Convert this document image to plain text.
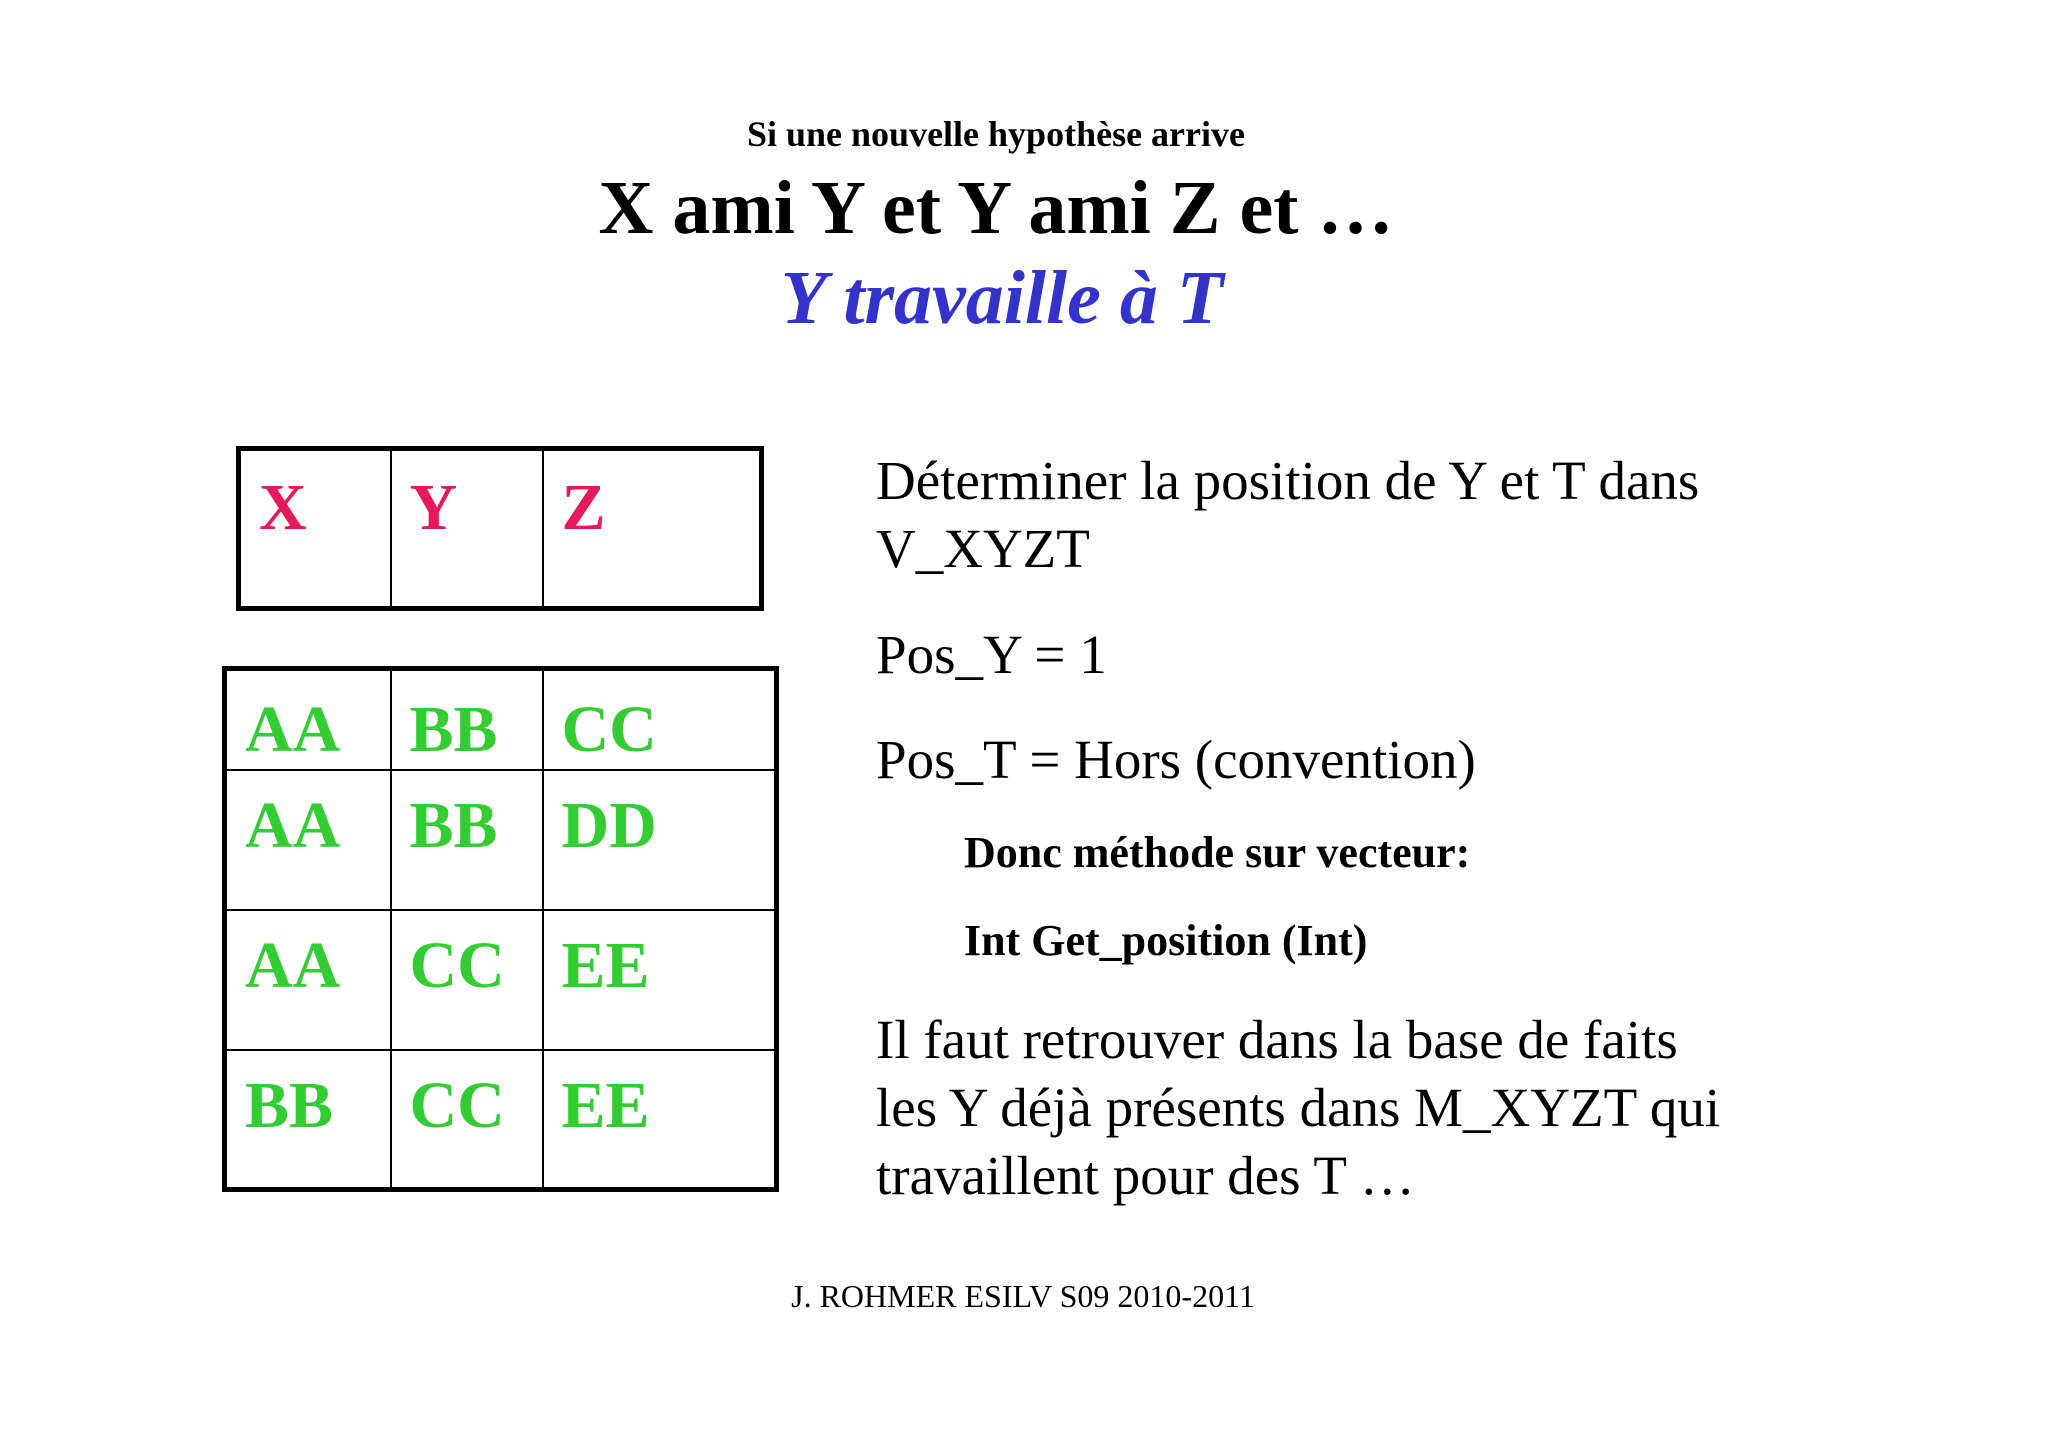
Si une nouvelle hypothèse arrive
X ami Y et Y ami Z et …
Y travaille à T
X	Y	Z
AA	BB	CC
AA	BB	DD
AA	CC	EE
BB	CC	EE
Déterminer la position de Y et T dans
V_XYZT
Pos_Y = 1
Pos_T = Hors (convention)
Donc méthode sur vecteur:
Int Get_position (Int)
Il faut retrouver dans la base de faits
les Y déjà présents dans M_XYZT qui
travaillent pour des T …
J. ROHMER ESILV S09 2010-2011
